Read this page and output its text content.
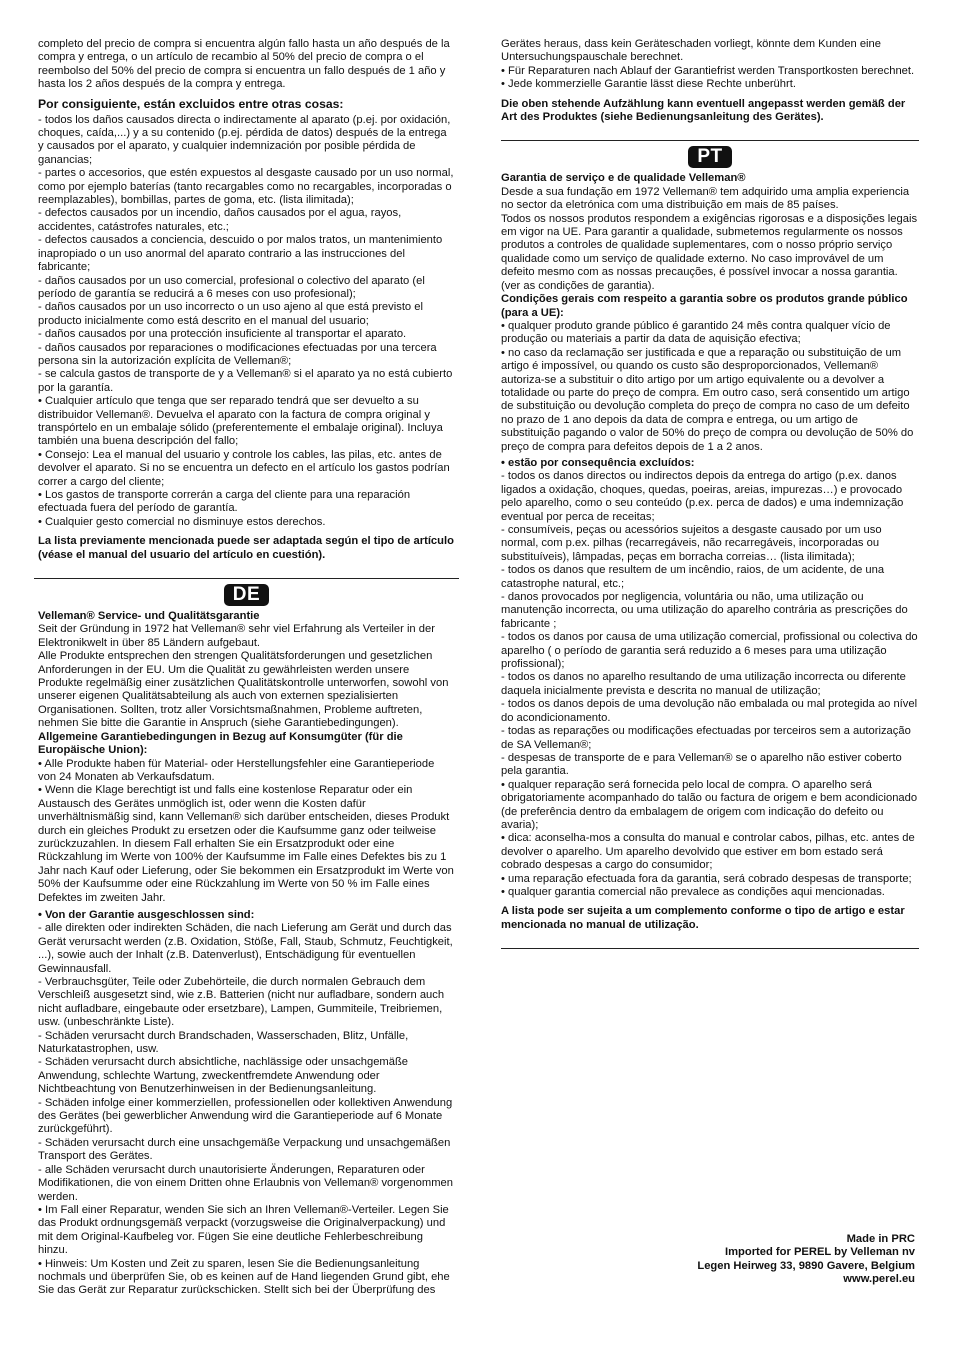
completo del precio de compra si encuentra algún fallo hasta un año después de la compra y entrega, o un artículo de recambio al 50% del precio de compra o el reembolso del 50% del precio de compra si encuentra un fallo después de 1 año y hasta los 2 años después de la compra y entrega.

Por consiguiente, están excluidos entre otras cosas:

- todos los daños causados directa o indirectamente al aparato (p.ej. por oxidación, choques, caída,...) y a su contenido (p.ej. pérdida de datos) después de la entrega y causados por el aparato, y cualquier indemnización por posible pérdida de ganancias;

- partes o accesorios, que estén expuestos al desgaste causado por un uso normal, como por ejemplo baterías (tanto recargables como no recargables, incorporadas o reemplazables), bombillas, partes de goma, etc. (lista ilimitada);

- defectos causados por un incendio, daños causados por el agua, rayos, accidentes, catástrofes naturales, etc.;

- defectos causados a conciencia, descuido o por malos tratos, un mantenimiento inapropiado o un uso anormal del aparato contrario a las instrucciones del fabricante;

- daños causados por un uso comercial, profesional o colectivo del aparato (el período de garantía se reducirá a 6 meses con uso profesional);

- daños causados por un uso incorrecto o un uso ajeno al que está previsto el producto inicialmente como está descrito en el manual del usuario;

- daños causados por una protección insuficiente al transportar el aparato.

- daños causados por reparaciones o modificaciones efectuadas por una tercera persona sin la autorización explícita de Velleman®;

- se calcula gastos de transporte de y a Velleman® si el aparato ya no está cubierto por la garantía.

• Cualquier artículo que tenga que ser reparado tendrá que ser devuelto a su distribuidor Velleman®. Devuelva el aparato con la factura de compra original y transpórtelo en un embalaje sólido (preferentemente el embalaje original). Incluya también una buena descripción del fallo;

• Consejo: Lea el manual del usuario y controle los cables, las pilas, etc. antes de devolver el aparato. Si no se encuentra un defecto en el artículo los gastos podrían correr a cargo del cliente;

• Los gastos de transporte correrán a carga del cliente para una reparación efectuada fuera del período de garantía.

• Cualquier gesto comercial no disminuye estos derechos.

La lista previamente mencionada puede ser adaptada según el tipo de artículo (véase el manual del usuario del artículo en cuestión).

DE

Velleman® Service- und Qualitätsgarantie

Seit der Gründung in 1972 hat Velleman® sehr viel Erfahrung als Verteiler in der Elektronikwelt in über 85 Ländern aufgebaut.

Alle Produkte entsprechen den strengen Qualitätsforderungen und gesetzlichen Anforderungen in der EU. Um die Qualität zu gewährleisten werden unsere Produkte regelmäßig einer zusätzlichen Qualitätskontrolle unterworfen, sowohl von unserer eigenen Qualitätsabteilung als auch von externen spezialisierten Organisationen. Sollten, trotz aller Vorsichtsmaßnahmen, Probleme auftreten, nehmen Sie bitte die Garantie in Anspruch (siehe Garantiebedingungen).

Allgemeine Garantiebedingungen in Bezug auf Konsumgüter (für die Europäische Union):

• Alle Produkte haben für Material- oder Herstellungsfehler eine Garantieperiode von 24 Monaten ab Verkaufsdatum.

• Wenn die Klage berechtigt ist und falls eine kostenlose Reparatur oder ein Austausch des Gerätes unmöglich ist, oder wenn die Kosten dafür unverhältnismäßig sind, kann Velleman® sich darüber entscheiden, dieses Produkt durch ein gleiches Produkt zu ersetzen oder die Kaufsumme ganz oder teilweise zurückzuzahlen. In diesem Fall erhalten Sie ein Ersatzprodukt oder eine Rückzahlung im Werte von 100% der Kaufsumme im Falle eines Defektes bis zu 1 Jahr nach Kauf oder Lieferung, oder Sie bekommen ein Ersatzprodukt im Werte von 50% der Kaufsumme oder eine Rückzahlung im Werte von 50 % im Falle eines Defektes im zweiten Jahr.

• Von der Garantie ausgeschlossen sind:

- alle direkten oder indirekten Schäden, die nach Lieferung am Gerät und durch das Gerät verursacht werden (z.B. Oxidation, Stöße, Fall, Staub, Schmutz, Feuchtigkeit, ...), sowie auch der Inhalt (z.B. Datenverlust), Entschädigung für eventuellen Gewinnausfall.

- Verbrauchsgüter, Teile oder Zubehörteile, die durch normalen Gebrauch dem Verschleiß ausgesetzt sind, wie z.B. Batterien (nicht nur aufladbare, sondern auch nicht aufladbare, eingebaute oder ersetzbare), Lampen, Gummiteile, Treibriemen, usw. (unbeschränkte Liste).

- Schäden verursacht durch Brandschaden, Wasserschaden, Blitz, Unfälle, Naturkatastrophen, usw.

- Schäden verursacht durch absichtliche, nachlässige oder unsachgemäße Anwendung, schlechte Wartung, zweckentfremdete Anwendung oder Nichtbeachtung von Benutzerhinweisen in der Bedienungsanleitung.

- Schäden infolge einer kommerziellen, professionellen oder kollektiven Anwendung des Gerätes (bei gewerblicher Anwendung wird die Garantieperiode auf 6 Monate zurückgeführt).

- Schäden verursacht durch eine unsachgemäße Verpackung und unsachgemäßen Transport des Gerätes.

- alle Schäden verursacht durch unautorisierte Änderungen, Reparaturen oder Modifikationen, die von einem Dritten ohne Erlaubnis von Velleman® vorgenommen werden.

• Im Fall einer Reparatur, wenden Sie sich an Ihren Velleman®-Verteiler. Legen Sie das Produkt ordnungsgemäß verpackt (vorzugsweise die Originalverpackung) und mit dem Original-Kaufbeleg vor. Fügen Sie eine deutliche Fehlerbeschreibung hinzu.

• Hinweis: Um Kosten und Zeit zu sparen, lesen Sie die Bedienungsanleitung nochmals und überprüfen Sie, ob es keinen auf de Hand liegenden Grund gibt, ehe Sie das Gerät zur Reparatur zurückschicken. Stellt sich bei der Überprüfung des

Gerätes heraus, dass kein Geräteschaden vorliegt, könnte dem Kunden eine Untersuchungspauschale berechnet.

• Für Reparaturen nach Ablauf der Garantiefrist werden Transportkosten berechnet.

• Jede kommerzielle Garantie lässt diese Rechte unberührt.

Die oben stehende Aufzählung kann eventuell angepasst werden gemäß der Art des Produktes (siehe Bedienungsanleitung des Gerätes).

PT

Garantia de serviço e de qualidade Velleman®

Desde a sua fundação em 1972 Velleman® tem adquirido uma amplia experiencia no sector da eletrónica com uma distribuição em mais de 85 países.

Todos os nossos produtos respondem a exigências rigorosas e a disposições legais em vigor na UE. Para garantir a qualidade, submetemos regularmente os nossos produtos a controles de qualidade suplementares, com o nosso próprio serviço qualidade como um serviço de qualidade externo. No caso improvável de um defeito mesmo com as nossas precauções, é possível invocar a nossa garantia. (ver as condições de garantia).

Condições gerais com respeito a garantia sobre os produtos grande público (para a UE):

• qualquer produto grande público é garantido 24 mês contra qualquer vício de produção ou materiais a partir da data de aquisição efectiva;

• no caso da reclamação ser justificada e que a reparação ou substituição de um artigo é impossível, ou quando os custo são desproporcionados, Velleman® autoriza-se a substituir o dito artigo por um artigo equivalente ou a devolver a totalidade ou parte do preço de compra. Em outro caso, será consentido um artigo de substituição ou devolução completa do preço de compra no caso de um defeito no prazo de 1 ano depois da data de compra e entrega, ou um artigo de substituição pagando o valor de 50% do preço de compra ou devolução de 50% do preço de compra para defeitos depois de 1 a 2 anos.

• estão por consequência excluídos:

- todos os danos directos ou indirectos depois da entrega do artigo (p.ex. danos ligados a oxidação, choques, quedas, poeiras, areias, impurezas…) e provocado pelo aparelho, como o seu conteúdo (p.ex. perca de dados) e uma indemnização eventual por perca de receitas;

- consumíveis, peças ou acessórios sujeitos a desgaste causado por um uso normal, com p.ex. pilhas (recarregáveis, não recarregáveis, incorporadas ou substituíveis), lâmpadas, peças em borracha correias… (lista ilimitada);

- todos os danos que resultem de um incêndio, raios, de um acidente, de una catastrophe natural, etc.;

- danos provocados por negligencia, voluntária ou não, uma utilização ou manutenção incorrecta, ou uma utilização do aparelho contrária as prescrições do fabricante ;

- todos os danos por causa de uma utilização comercial, profissional ou colectiva do aparelho ( o período de garantia será reduzido a 6 meses para uma utilização profissional);

- todos os danos no aparelho resultando de uma utilização incorrecta ou diferente daquela inicialmente prevista e descrita no manual de utilização;

- todos os danos depois de uma devolução não embalada ou mal protegida ao nível do acondicionamento.

- todas as reparações ou modificações efectuadas por terceiros sem a autorização de SA Velleman®;

- despesas de transporte de e para Velleman® se o aparelho não estiver coberto pela garantia.

• qualquer reparação será fornecida pelo local de compra. O aparelho será obrigatoriamente acompanhado do talão ou factura de origem e bem acondicionado (de preferência dentro da embalagem de origem com indicação do defeito ou avaria);

• dica: aconselha-mos a consulta do manual e controlar cabos, pilhas, etc. antes de devolver o aparelho. Um aparelho devolvido que estiver em bom estado será cobrado despesas a cargo do consumidor;

• uma reparação efectuada fora da garantia, será cobrado despesas de transporte;

• qualquer garantia comercial não prevalece as condições aqui mencionadas.

A lista pode ser sujeita a um complemento conforme o tipo de artigo e estar mencionada no manual de utilização.

Made in PRC

Imported for PEREL by Velleman nv

Legen Heirweg 33, 9890 Gavere, Belgium

www.perel.eu
